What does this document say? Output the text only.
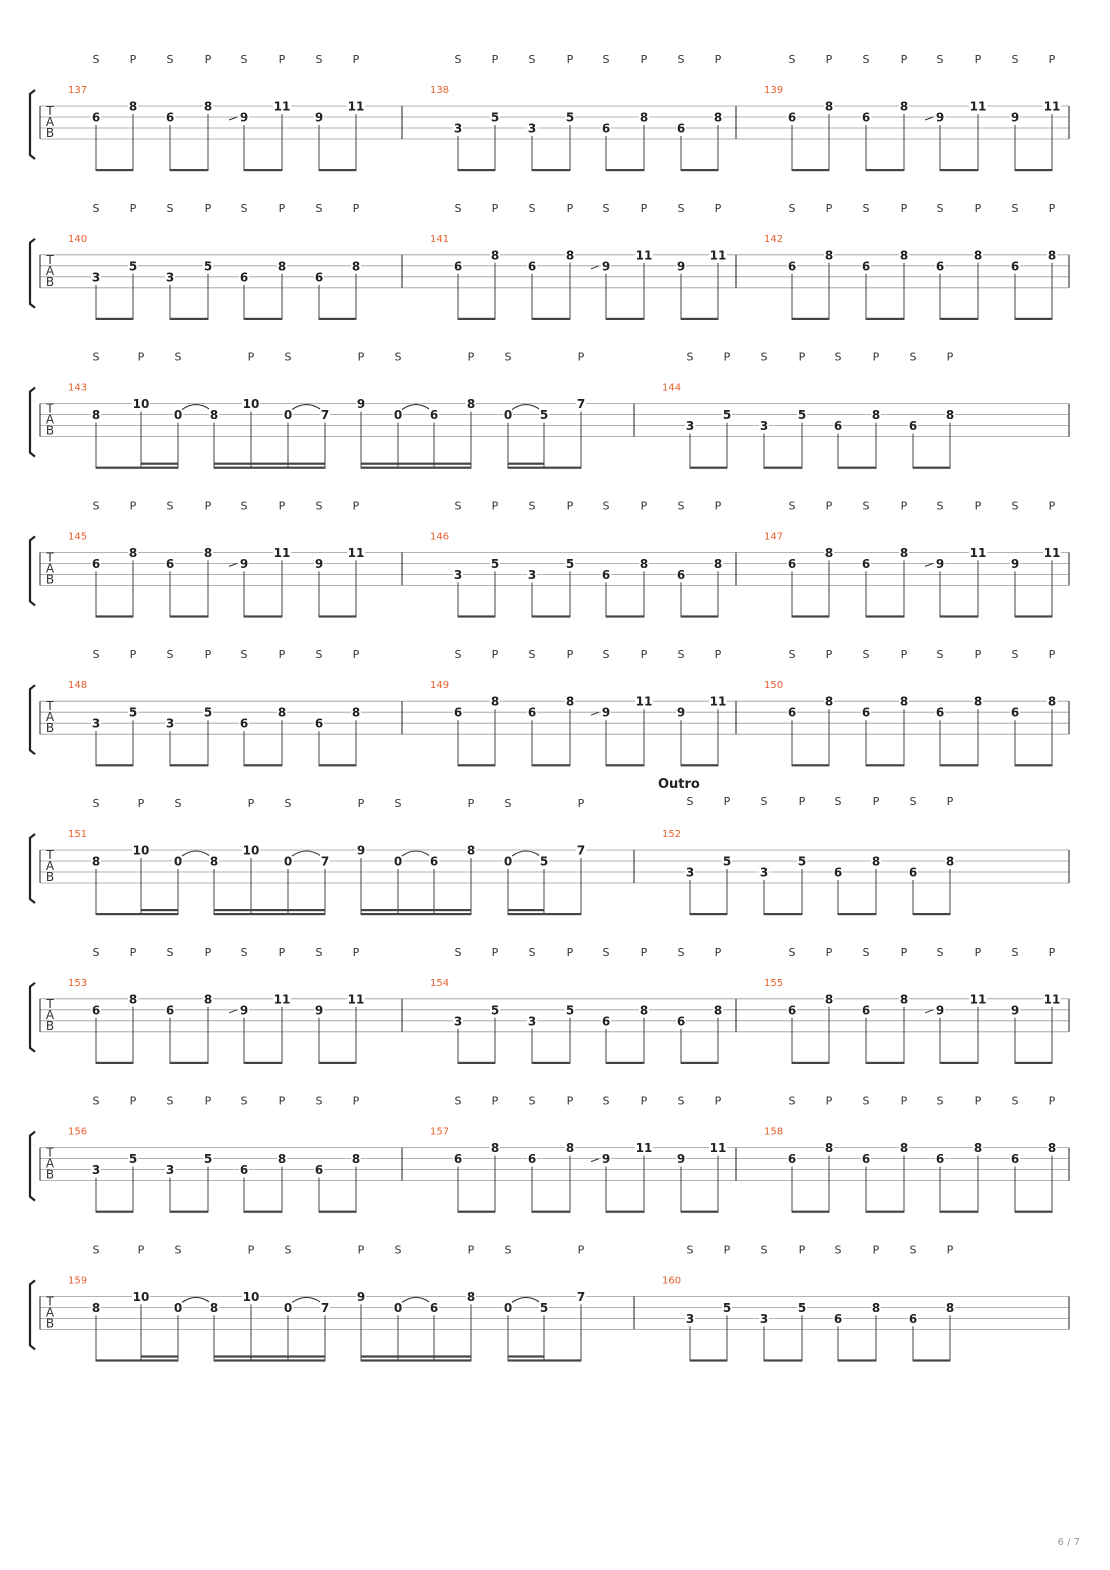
T
A
B
137
6
S
8
P
6
S
8
P
9
S
11
P
9
S
11
P
138
3
S
5
P
3
S
5
P
6
S
8
P
6
S
8
P
139
6
S
8
P
6
S
8
P
9
S
11
P
9
S
11
P
T
A
B
140
3
S
5
P
3
S
5
P
6
S
8
P
6
S
8
P
141
6
S
8
P
6
S
8
P
9
S
11
P
9
S
11
P
142
6
S
8
P
6
S
8
P
6
S
8
P
6
S
8
P
T
A
B
143
8
S
10
P
0
S
8
10
P
0
S
7
9
P
0
S
6
8
P
0
S
5
7
P
144
3
S
5
P
3
S
5
P
6
S
8
P
6
S
8
P
T
A
B
145
6
S
8
P
6
S
8
P
9
S
11
P
9
S
11
P
146
3
S
5
P
3
S
5
P
6
S
8
P
6
S
8
P
147
6
S
8
P
6
S
8
P
9
S
11
P
9
S
11
P
T
A
B
148
3
S
5
P
3
S
5
P
6
S
8
P
6
S
8
P
149
6
S
8
P
6
S
8
P
9
S
11
P
9
S
11
P
150
6
S
8
P
6
S
8
P
6
S
8
P
6
S
8
P
T
A
B
151
8
S
10
P
0
S
8
10
P
0
S
7
9
P
0
S
6
8
P
0
S
5
7
P
152
Outro
3
S
5
P
3
S
5
P
6
S
8
P
6
S
8
P
T
A
B
153
6
S
8
P
6
S
8
P
9
S
11
P
9
S
11
P
154
3
S
5
P
3
S
5
P
6
S
8
P
6
S
8
P
155
6
S
8
P
6
S
8
P
9
S
11
P
9
S
11
P
T
A
B
156
3
S
5
P
3
S
5
P
6
S
8
P
6
S
8
P
157
6
S
8
P
6
S
8
P
9
S
11
P
9
S
11
P
158
6
S
8
P
6
S
8
P
6
S
8
P
6
S
8
P
T
A
B
159
8
S
10
P
0
S
8
10
P
0
S
7
9
P
0
S
6
8
P
0
S
5
7
P
160
3
S
5
P
3
S
5
P
6
S
8
P
6
S
8
P
6 / 7
